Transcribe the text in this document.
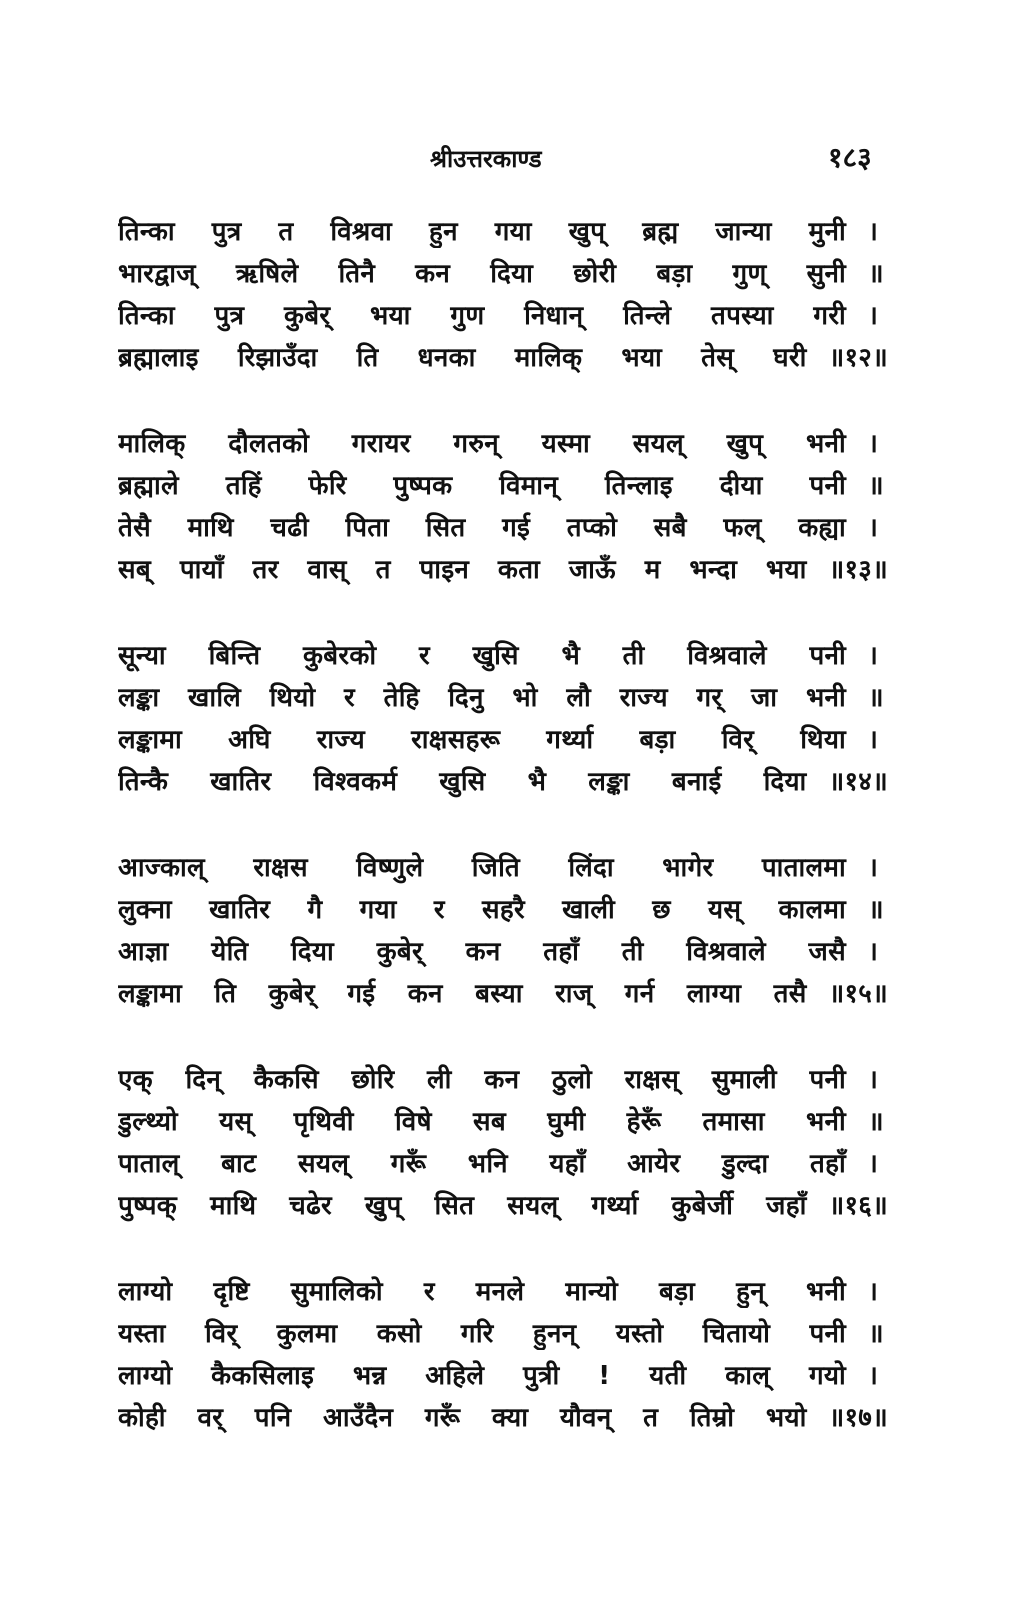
श्रीउत्तरकाण्ड	१८३
तिन्का पुत्र त विश्रवा हुन गया खुप् ब्रह्म जान्या मुनी ।
भारद्वाज् ऋषिले तिनै कन दिया छोरी बड़ा गुण् सुनी ॥
तिन्का पुत्र कुबेर् भया गुण निधान् तिन्ले तपस्या गरी ।
ब्रह्मालाइ रिझाउँदा ति धनका मालिक् भया तेस् घरी ॥१२॥
मालिक् दौलतको गरायर गरुन् यस्मा सयल् खुप् भनी ।
ब्रह्माले तहिं फेरि पुष्पक विमान् तिन्लाइ दीया पनी ॥
तेसै माथि चढी पिता सित गई तप्को सबै फल् कह्या ।
सब् पायाँ तर वास् त पाइन कता जाऊँ म भन्दा भया ॥१३॥
सून्या बिन्ति कुबेरको र खुसि भै ती विश्रवाले पनी ।
लङ्का खालि थियो र तेहि दिनु भो लौ राज्य गर् जा भनी ॥
लङ्कामा अघि राज्य राक्षसहरू गर्थ्या बड़ा विर् थिया ।
तिन्कै खातिर विश्वकर्म खुसि भै लङ्का बनाई दिया ॥१४॥
आज्काल् राक्षस विष्णुले जिति लिंदा भागेर पातालमा ।
लुक्ना खातिर गै गया र सहरै खाली छ यस् कालमा ॥
आज्ञा येति दिया कुबेर् कन तहाँ ती विश्रवाले जसै ।
लङ्कामा ति कुबेर् गई कन बस्या राज् गर्न लाग्या तसै ॥१५॥
एक् दिन् कैकसि छोरि ली कन ठुलो राक्षस् सुमाली पनी ।
डुल्थ्यो यस् पृथिवी विषे सब घुमी हेरूँ तमासा भनी ॥
पाताल् बाट सयल् गरूँ भनि यहाँ आयेर डुल्दा तहाँ ।
पुष्पक् माथि चढेर खुप् सित सयल् गर्थ्या कुबेर्जी जहाँ ॥१६॥
लाग्यो दृष्टि सुमालिको र मनले मान्यो बड़ा हुन् भनी ।
यस्ता विर् कुलमा कसो गरि हुनन् यस्तो चितायो पनी ॥
लाग्यो कैकसिलाइ भन्न अहिले पुत्री ! यती काल् गयो ।
कोही वर् पनि आउँदैन गरूँ क्या यौवन् त तिम्रो भयो ॥१७॥
